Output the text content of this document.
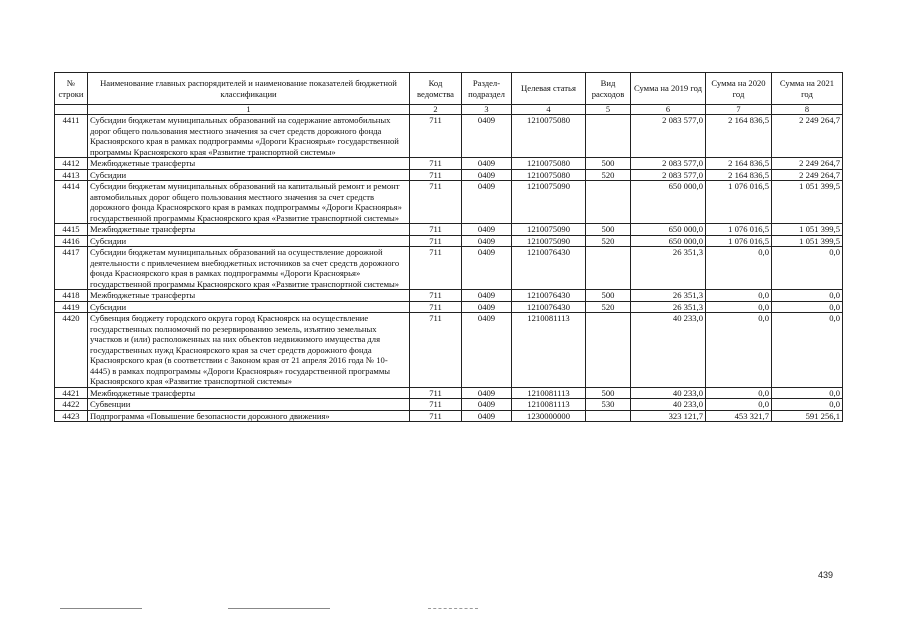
№ строки	Наименование главных распорядителей и наименование показателей бюджетной классификации	Код ведомства	Раздел-подраздел	Целевая статья	Вид расходов	Сумма на 2019 год	Сумма на 2020 год	Сумма на 2021 год
	1	2	3	4	5	6	7	8
4411	Субсидии бюджетам муниципальных образований на содержание автомобильных дорог общего пользования местного значения за счет средств дорожного фонда Красноярского края в рамках подпрограммы «Дороги Красноярья» государственной программы Красноярского края «Развитие транспортной системы»	711	0409	1210075080		2 083 577,0	2 164 836,5	2 249 264,7
4412	Межбюджетные трансферты	711	0409	1210075080	500	2 083 577,0	2 164 836,5	2 249 264,7
4413	Субсидии	711	0409	1210075080	520	2 083 577,0	2 164 836,5	2 249 264,7
4414	Субсидии бюджетам муниципальных образований на капитальный ремонт и ремонт автомобильных дорог общего пользования местного значения за счет средств дорожного фонда Красноярского края в рамках подпрограммы «Дороги Красноярья» государственной программы Красноярского края «Развитие транспортной системы»	711	0409	1210075090		650 000,0	1 076 016,5	1 051 399,5
4415	Межбюджетные трансферты	711	0409	1210075090	500	650 000,0	1 076 016,5	1 051 399,5
4416	Субсидии	711	0409	1210075090	520	650 000,0	1 076 016,5	1 051 399,5
4417	Субсидии бюджетам муниципальных образований на осуществление дорожной деятельности с привлечением внебюджетных источников за счет средств дорожного фонда Красноярского края в рамках подпрограммы «Дороги Красноярья» государственной программы Красноярского края «Развитие транспортной системы»	711	0409	1210076430		26 351,3	0,0	0,0
4418	Межбюджетные трансферты	711	0409	1210076430	500	26 351,3	0,0	0,0
4419	Субсидии	711	0409	1210076430	520	26 351,3	0,0	0,0
4420	Субвенция бюджету городского округа город Красноярск на осуществление государственных полномочий по резервированию земель, изъятию земельных участков и (или) расположенных на них объектов недвижимого имущества для государственных нужд Красноярского края за счет средств дорожного фонда Красноярского края (в соответствии с Законом края от 21 апреля 2016 года № 10-4445) в рамках подпрограммы «Дороги Красноярья» государственной программы Красноярского края «Развитие транспортной системы»	711	0409	1210081113		40 233,0	0,0	0,0
4421	Межбюджетные трансферты	711	0409	1210081113	500	40 233,0	0,0	0,0
4422	Субвенции	711	0409	1210081113	530	40 233,0	0,0	0,0
4423	Подпрограмма «Повышение безопасности дорожного движения»	711	0409	1230000000		323 121,7	453 321,7	591 256,1
439
